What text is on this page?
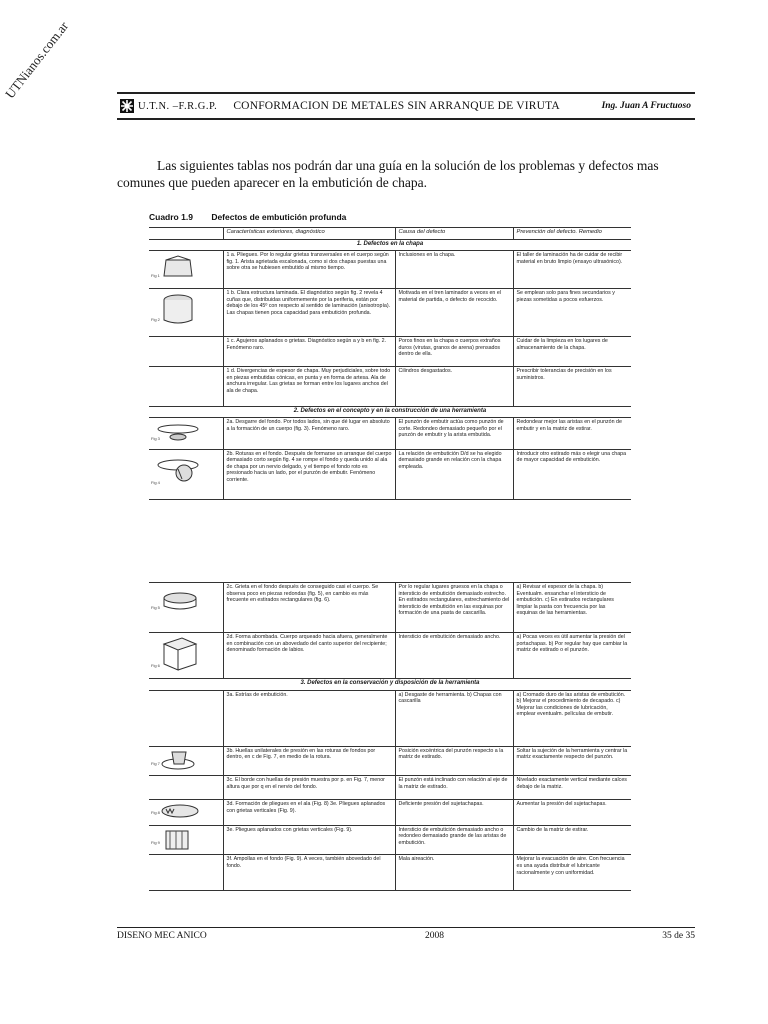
UTNianos.com.ar
U.T.N. –F.R.G.P. CONFORMACION DE METALES SIN ARRANQUE DE VIRUTA	Ing. Juan A Fructuoso

Las siguientes tablas nos podrán dar una guía en la solución de los problemas y defectos mas comunes que pueden aparecer en la embutición de chapa.

Cuadro 1.9 Defectos de embutición profunda
	Características exteriores, diagnóstico	Causa del defecto	Prevención del defecto. Remedio
1. Defectos en la chapa			

Fig 1	1 a. Pliegues. Por lo regular grietas transversales en el cuerpo según fig. 1. Arista agrietada escalonada, como si dos chapas puestas una sobre otra se hubiesen embutido al mismo tiempo.	Inclusiones en la chapa.	El taller de laminación ha de cuidar de recibir material en bruto limpio (ensayo ultrasónico).

Fig 2	1 b. Clara estructura laminada. El diagnóstico según fig. 2 revela 4 cuñas que, distribuidas uniformemente por la periferia, están por debajo de los 45º con respecto al sentido de laminación (anisotropía). Las chapas tienen poca capacidad para embutición profunda.	Motivada en el tren laminador a veces en el material de partida, o defecto de recocido.	Se emplean solo para fines secundarios y piezas sometidas a pocos esfuerzos.
	1 c. Agujeros aplanados o grietas. Diagnóstico según a y b en fig. 2. Fenómeno raro.	Poros finos en la chapa o cuerpos extraños duros (virutas, granos de arena) prensados dentro de ella.	Cuidar de la limpieza en los lugares de almacenamiento de la chapa.
	1 d. Divergencias de espesor de chapa. Muy perjudiciales, sobre todo en piezas embutidas cónicas, en punta y en forma de artesa. Ala de anchura irregular. Las grietas se forman entre los lugares anchos del ala de chapa.	Cilindros desgastados.	Prescribir tolerancias de precisión en los suministros.
2. Defectos en el concepto y en la construcción de una herramienta			

Fig 3	2a. Desgarre del fondo. Por todos lados, sin que dé lugar en absoluto a la formación de un cuerpo (fig. 3). Fenómeno raro.	El punzón de embutir actúa como punzón de corte. Redondeo demasiado pequeño por el punzón de embutir y la arista embutida.	Redondear mejor las aristas en el punzón de embutir y en la matriz de estirar.

Fig 4	2b. Roturas en el fondo. Después de formarse un arranque del cuerpo demasiado corto según fig. 4 se rompe el fondo y queda unido al ala de chapa por un nervio delgado, y el tiempo el fondo roto es presionado hacia un lado, por el punzón de embutir. Fenómeno corriente.	La relación de embutición D/d se ha elegido demasiado grande en relación con la chapa empleada.	Introducir otro estirado más o elegir una chapa de mayor capacidad de embutición.
Fig 5	2c. Grieta en el fondo después de conseguido casi el cuerpo. Se observa poco en piezas redondas (fig. 5), en cambio es más frecuente en estirados rectangulares (fig. 6).	Por lo regular lugares gruesos en la chapa o intersticio de embutición demasiado estrecho. En estirados rectangulares, estrechamiento del intersticio de embutición en las esquinas por formación de una pasta de cascarilla.	a) Revisar el espesor de la chapa. b) Eventualm. ensanchar el intersticio de embutición. c) En estirados rectangulares limpiar la pasta con frecuencia por las esquinas de las herramientas.

Fig 6	2d. Forma abombada. Cuerpo arqueado hacia afuera, generalmente en combinación con un abovedado del canto superior del recipiente; denominado formación de labios.	Intersticio de embutición demasiado ancho.	a) Pocas veces es útil aumentar la presión del portachapas. b) Por regular hay que cambiar la matriz de estirado o el punzón.
3. Defectos en la conservación y disposición de la herramienta			
	3a. Estrías de embutición.	a) Desgaste de herramienta. b) Chapas con cascarilla	a) Cromado duro de las aristas de embutición. b) Mejorar el procedimiento de decapado. c) Mejorar las condiciones de lubricación, emplear eventualm. películas de embutir.

Fig 7	3b. Huellas unilaterales de presión en las roturas de fondos por dentro, en c de Fig. 7, en medio de la rotura.	Posición excéntrica del punzón respecto a la matriz de estirado.	Soltar la sujeción de la herramienta y centrar la matriz exactamente respecto del punzón.
	3c. El borde con huellas de presión muestra por p. en Fig. 7, menor altura que por q en el nervio del fondo.	El punzón está inclinado con relación al eje de la matriz de estirado.	Nivelado exactamente vertical mediante calces debajo de la matriz.

Fig 8	3d. Formación de pliegues en el ala (Fig. 8) 3e. Pliegues aplanados con grietas verticales (Fig. 9).	Deficiente presión del sujetachapas.	Aumentar la presión del sujetachapas.

Fig 9	3e. Pliegues aplanados con grietas verticales (Fig. 9).	Intersticio de embutición demasiado ancho o redondeo demasiado grande de las aristas de embutición.	Cambio de la matriz de estirar.
	3f. Ampollas en el fondo (Fig. 9). A veces, también abovedado del fondo.	Mala aireación.	Mejorar la evacuación de aire. Con frecuencia es una ayuda distribuir el lubricante racionalmente y con uniformidad.
DISENO MEC ANICO	2008	35 de 35
